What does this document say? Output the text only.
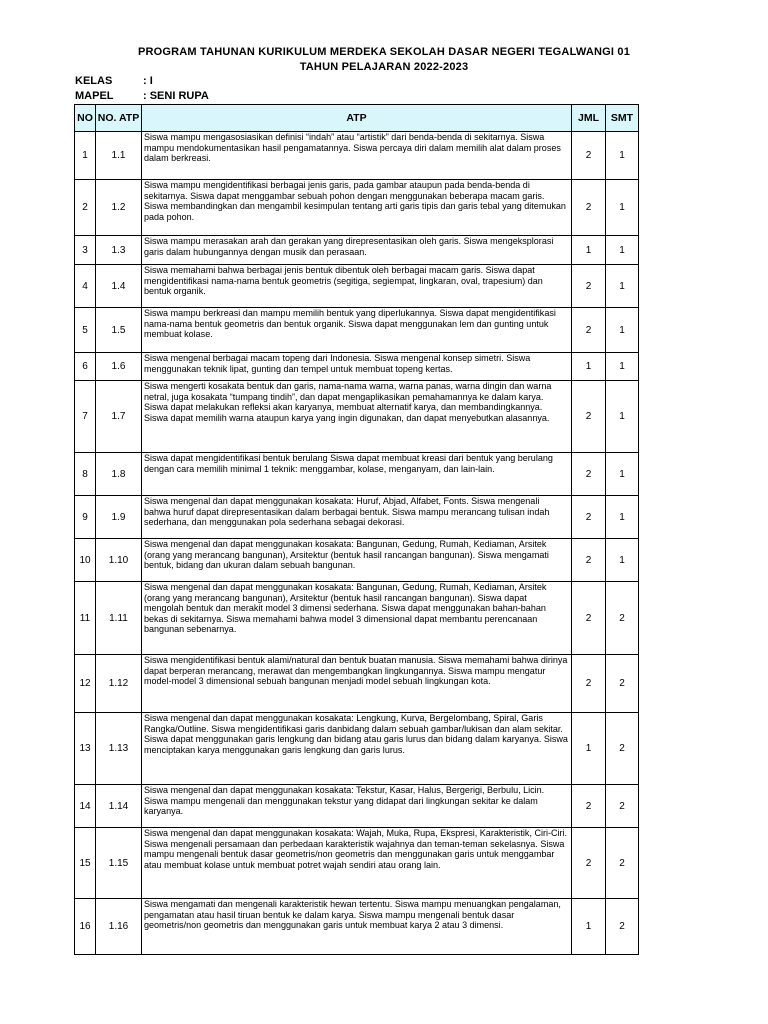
PROGRAM TAHUNAN KURIKULUM MERDEKA SEKOLAH DASAR NEGERI TEGALWANGI 01
TAHUN PELAJARAN 2022-2023
KELAS	: I
MAPEL	: SENI RUPA
NO	NO. ATP	ATP	JML	SMT
1	1.1	Siswa mampu mengasosiasikan definisi “indah” atau “artistik” dari benda-benda di sekitarnya. Siswa mampu mendokumentasikan hasil pengamatannya. Siswa percaya diri dalam memilih alat dalam proses dalam berkreasi.	2	1
2	1.2	Siswa mampu mengidentifikasi berbagai jenis garis, pada gambar ataupun pada benda-benda di sekitarnya. Siswa dapat menggambar sebuah pohon dengan menggunakan beberapa macam garis. Siswa membandingkan dan mengambil kesimpulan tentang arti garis tipis dan garis tebal yang ditemukan pada pohon.	2	1
3	1.3	Siswa mampu merasakan arah dan gerakan yang direpresentasikan oleh garis. Siswa mengeksplorasi garis dalam hubungannya dengan musik dan perasaan.	1	1
4	1.4	Siswa memahami bahwa berbagai jenis bentuk dibentuk oleh berbagai macam garis. Siswa dapat mengidentifikasi nama-nama bentuk geometris (segitiga, segiempat, lingkaran, oval, trapesium) dan bentuk organik.	2	1
5	1.5	Siswa mampu berkreasi dan mampu memilih bentuk yang diperlukannya. Siswa dapat mengidentifikasi nama-nama bentuk geometris dan bentuk organik. Siswa dapat menggunakan lem dan gunting untuk membuat kolase.	2	1
6	1.6	Siswa mengenal berbagai macam topeng dari Indonesia. Siswa mengenal konsep simetri. Siswa menggunakan teknik lipat, gunting dan tempel untuk membuat topeng kertas.	1	1
7	1.7	Siswa mengerti kosakata bentuk dan garis, nama-nama warna, warna panas, warna dingin dan warna netral, juga kosakata “tumpang tindih”, dan dapat mengaplikasikan pemahamannya ke dalam karya. Siswa dapat melakukan refleksi akan karyanya, membuat alternatif karya, dan membandingkannya. Siswa dapat memilih warna ataupun karya yang ingin digunakan, dan dapat menyebutkan alasannya.	2	1
8	1.8	Siswa dapat mengidentifikasi bentuk berulang Siswa dapat membuat kreasi dari bentuk yang berulang dengan cara memilih minimal 1 teknik: menggambar, kolase, menganyam, dan lain-lain.	2	1
9	1.9	Siswa mengenal dan dapat menggunakan kosakata: Huruf, Abjad, Alfabet, Fonts. Siswa mengenali bahwa huruf dapat direpresentasikan dalam berbagai bentuk. Siswa mampu merancang tulisan indah sederhana, dan menggunakan pola sederhana sebagai dekorasi.	2	1
10	1.10	Siswa mengenal dan dapat menggunakan kosakata: Bangunan, Gedung, Rumah, Kediaman, Arsitek (orang yang merancang bangunan), Arsitektur (bentuk hasil rancangan bangunan). Siswa mengamati bentuk, bidang dan ukuran dalam sebuah bangunan.	2	1
11	1.11	Siswa mengenal dan dapat menggunakan kosakata: Bangunan, Gedung, Rumah, Kediaman, Arsitek (orang yang merancang bangunan), Arsitektur (bentuk hasil rancangan bangunan). Siswa dapat mengolah bentuk dan merakit model 3 dimensi sederhana. Siswa dapat menggunakan bahan-bahan bekas di sekitarnya. Siswa memahami bahwa model 3 dimensional dapat membantu perencanaan bangunan sebenarnya.	2	2
12	1.12	Siswa mengidentifikasi bentuk alami/natural dan bentuk buatan manusia. Siswa memahami bahwa dirinya dapat berperan merancang, merawat dan mengembangkan lingkungannya. Siswa mampu mengatur model-model 3 dimensional sebuah bangunan menjadi model sebuah lingkungan kota.	2	2
13	1.13	Siswa mengenal dan dapat menggunakan kosakata: Lengkung, Kurva, Bergelombang, Spiral, Garis Rangka/Outline. Siswa mengidentifikasi garis danbidang dalam sebuah gambar/lukisan dan alam sekitar. Siswa dapat menggunakan garis lengkung dan bidang atau garis lurus dan bidang dalam karyanya. Siswa menciptakan karya menggunakan garis lengkung dan garis lurus.	1	2
14	1.14	Siswa mengenal dan dapat menggunakan kosakata: Tekstur, Kasar, Halus, Bergerigi, Berbulu, Licin. Siswa mampu mengenali dan menggunakan tekstur yang didapat dari lingkungan sekitar ke dalam karyanya.	2	2
15	1.15	Siswa mengenal dan dapat menggunakan kosakata: Wajah, Muka, Rupa, Ekspresi, Karakteristik, Ciri-Ciri. Siswa mengenali persamaan dan perbedaan karakteristik wajahnya dan teman-teman sekelasnya. Siswa mampu mengenali bentuk dasar geometris/non geometris dan menggunakan garis untuk menggambar atau membuat kolase untuk membuat potret wajah sendiri atau orang lain.	2	2
16	1.16	Siswa mengamati dan mengenali karakteristik hewan tertentu. Siswa mampu menuangkan pengalaman, pengamatan atau hasil tiruan bentuk ke dalam karya. Siswa mampu mengenali bentuk dasar geometris/non geometris dan menggunakan garis untuk membuat karya 2 atau 3 dimensi.	1	2
